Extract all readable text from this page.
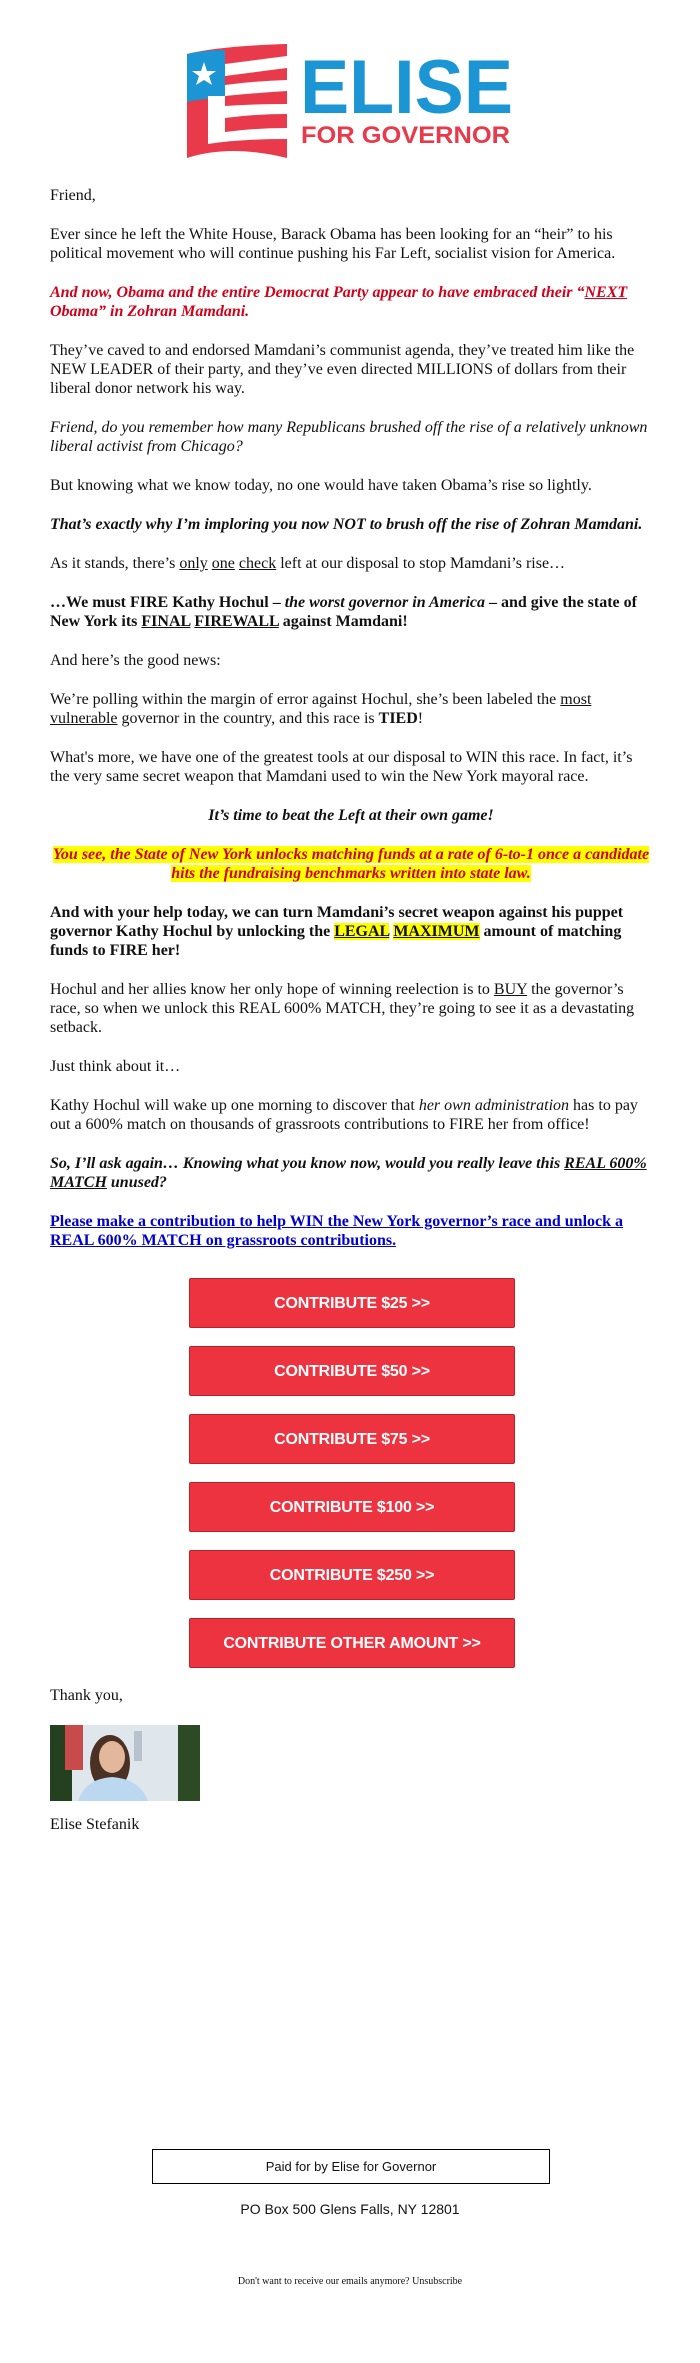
ELISE
FOR GOVERNOR

Friend,

Ever since he left the White House, Barack Obama has been looking for an “heir” to his political movement who will continue pushing his Far Left, socialist vision for America.

And now, Obama and the entire Democrat Party appear to have embraced their “NEXT Obama” in Zohran Mamdani.

They’ve caved to and endorsed Mamdani’s communist agenda, they’ve treated him like the NEW LEADER of their party, and they’ve even directed MILLIONS of dollars from their liberal donor network his way.

Friend, do you remember how many Republicans brushed off the rise of a relatively unknown liberal activist from Chicago?

But knowing what we know today, no one would have taken Obama’s rise so lightly.

That’s exactly why I’m imploring you now NOT to brush off the rise of Zohran Mamdani.

As it stands, there’s only one check left at our disposal to stop Mamdani’s rise…

…We must FIRE Kathy Hochul – the worst governor in America – and give the state of New York its FINAL FIREWALL against Mamdani!

And here’s the good news:

We’re polling within the margin of error against Hochul, she’s been labeled the most vulnerable governor in the country, and this race is TIED!

What's more, we have one of the greatest tools at our disposal to WIN this race. In fact, it’s the very same secret weapon that Mamdani used to win the New York mayoral race.

It’s time to beat the Left at their own game!

You see, the State of New York unlocks matching funds at a rate of 6-to-1 once a candidate hits the fundraising benchmarks written into state law.

And with your help today, we can turn Mamdani’s secret weapon against his puppet governor Kathy Hochul by unlocking the LEGAL MAXIMUM amount of matching funds to FIRE her!

Hochul and her allies know her only hope of winning reelection is to BUY the governor’s race, so when we unlock this REAL 600% MATCH, they’re going to see it as a devastating setback.

Just think about it…

Kathy Hochul will wake up one morning to discover that her own administration has to pay out a 600% match on thousands of grassroots contributions to FIRE her from office!

So, I’ll ask again… Knowing what you know now, would you really leave this REAL 600% MATCH unused?

Please make a contribution to help WIN the New York governor’s race and unlock a REAL 600% MATCH on grassroots contributions.

CONTRIBUTE $25 >>
CONTRIBUTE $50 >>
CONTRIBUTE $75 >>
CONTRIBUTE $100 >>
CONTRIBUTE $250 >>
CONTRIBUTE OTHER AMOUNT >>

Thank you,

Elise Stefanik

Paid for by Elise for Governor
PO Box 500 Glens Falls, NY 12801
Don't want to receive our emails anymore? Unsubscribe
